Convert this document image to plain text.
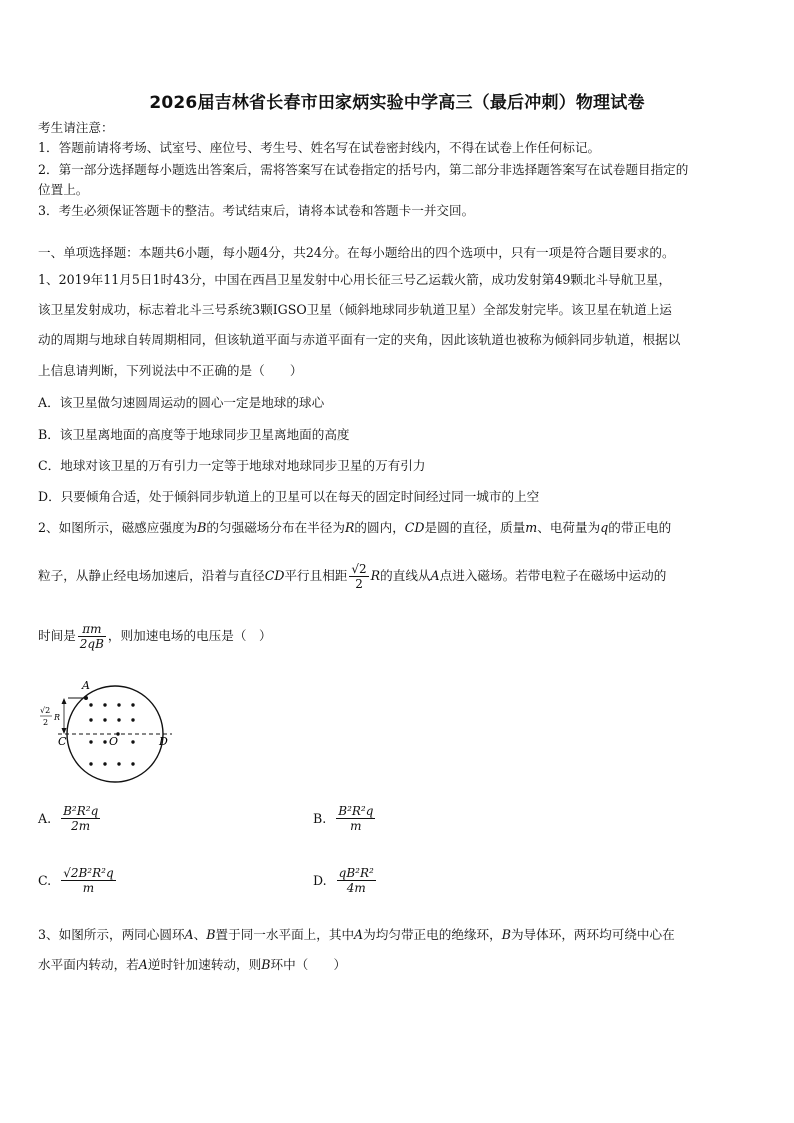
2026届吉林省长春市田家炳实验中学高三（最后冲刺）物理试卷
考生请注意：
1．答题前请将考场、试室号、座位号、考生号、姓名写在试卷密封线内，不得在试卷上作任何标记。
2．第一部分选择题每小题选出答案后，需将答案写在试卷指定的括号内，第二部分非选择题答案写在试卷题目指定的
位置上。
3．考生必须保证答题卡的整洁。考试结束后，请将本试卷和答题卡一并交回。
一、单项选择题：本题共6小题，每小题4分，共24分。在每小题给出的四个选项中，只有一项是符合题目要求的。
1、2019年11月5日1时43分，中国在西昌卫星发射中心用长征三号乙运载火箭，成功发射第49颗北斗导航卫星，
该卫星发射成功，标志着北斗三号系统3颗IGSO卫星（倾斜地球同步轨道卫星）全部发射完毕。该卫星在轨道上运
动的周期与地球自转周期相同，但该轨道平面与赤道平面有一定的夹角，因此该轨道也被称为倾斜同步轨道，根据以
上信息请判断，下列说法中不正确的是（　　）
A．该卫星做匀速圆周运动的圆心一定是地球的球心
B．该卫星离地面的高度等于地球同步卫星离地面的高度
C．地球对该卫星的万有引力一定等于地球对地球同步卫星的万有引力
D．只要倾角合适，处于倾斜同步轨道上的卫星可以在每天的固定时间经过同一城市的上空
2、如图所示，磁感应强度为B的匀强磁场分布在半径为R的圆内，CD是圆的直径，质量m、电荷量为q的带正电的
粒子，从静止经电场加速后，沿着与直径CD平行且相距 $\frac{√2}{2}$ R的直线从A点进入磁场。若带电粒子在磁场中运动的
时间是 $\frac{\pi m}{2qB}$ ，则加速电场的电压是（　）
A
C	O	D
√2
2
R
A. $\frac{\text{B²R²q}}{2m}$	B. $\frac{\text{B²R²q}}{m}$
C. $\frac{\text{√2B²R²q}}{m}$	D. $\frac{\text{qB²R²}}{4m}$
3、如图所示，两同心圆环A、B置于同一水平面上，其中A为均匀带正电的绝缘环，B为导体环，两环均可绕中心在
水平面内转动，若A逆时针加速转动，则B环中（　　）
